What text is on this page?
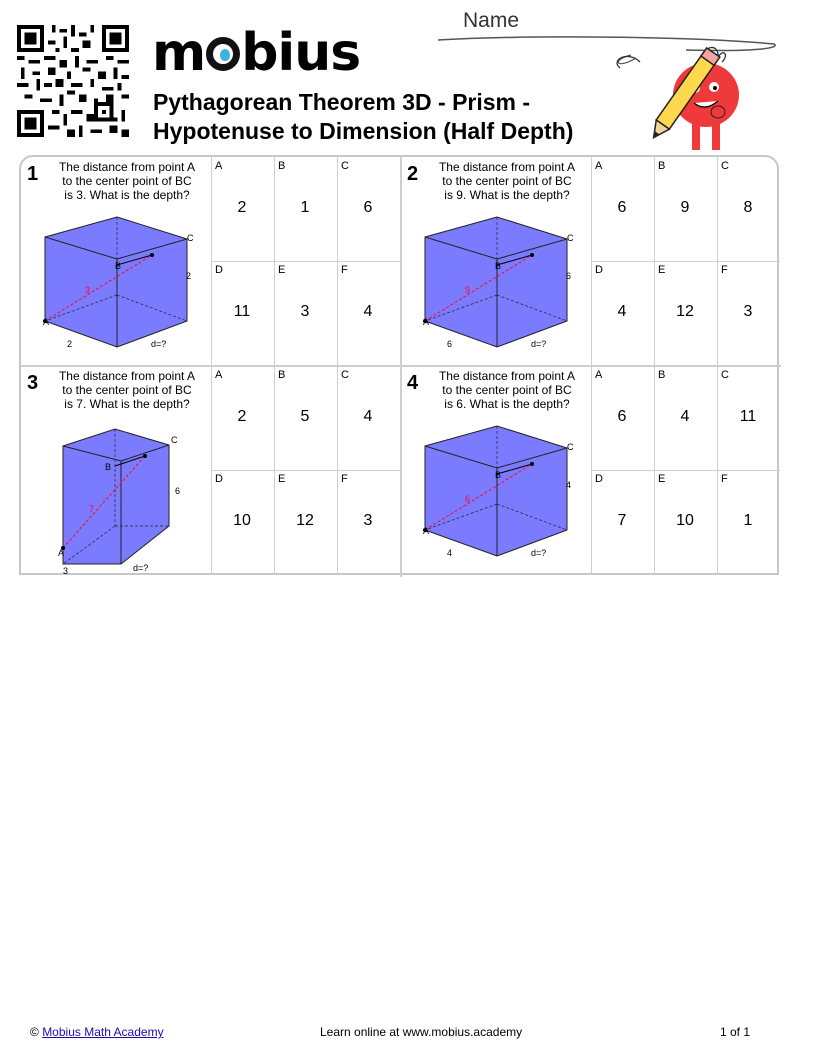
m bius
Pythagorean Theorem 3D - Prism -
Hypotenuse to Dimension (Half Depth)
Name
1 The distance from point A to the center point of BC is 3. What is the depth?
A
B
C
3
2
2	d=?
A
2
B
1
C
6
D
11
E
3
F
4
2 The distance from point A to the center point of BC is 9. What is the depth?
A
B
C
9
6
6	d=?
A
6
B
9
C
8
D
4
E
12
F
3
3 The distance from point A to the center point of BC is 7. What is the depth?
A
B
C
7
6
3	d=?
A
2
B
5
C
4
D
10
E
12
F
3
4 The distance from point A to the center point of BC is 6. What is the depth?
A
B
C
6
4
4	d=?
A
6
B
4
C
11
D
7
E
10
F
1
© Mobius Math Academy	Learn online at www.mobius.academy	1 of 1
